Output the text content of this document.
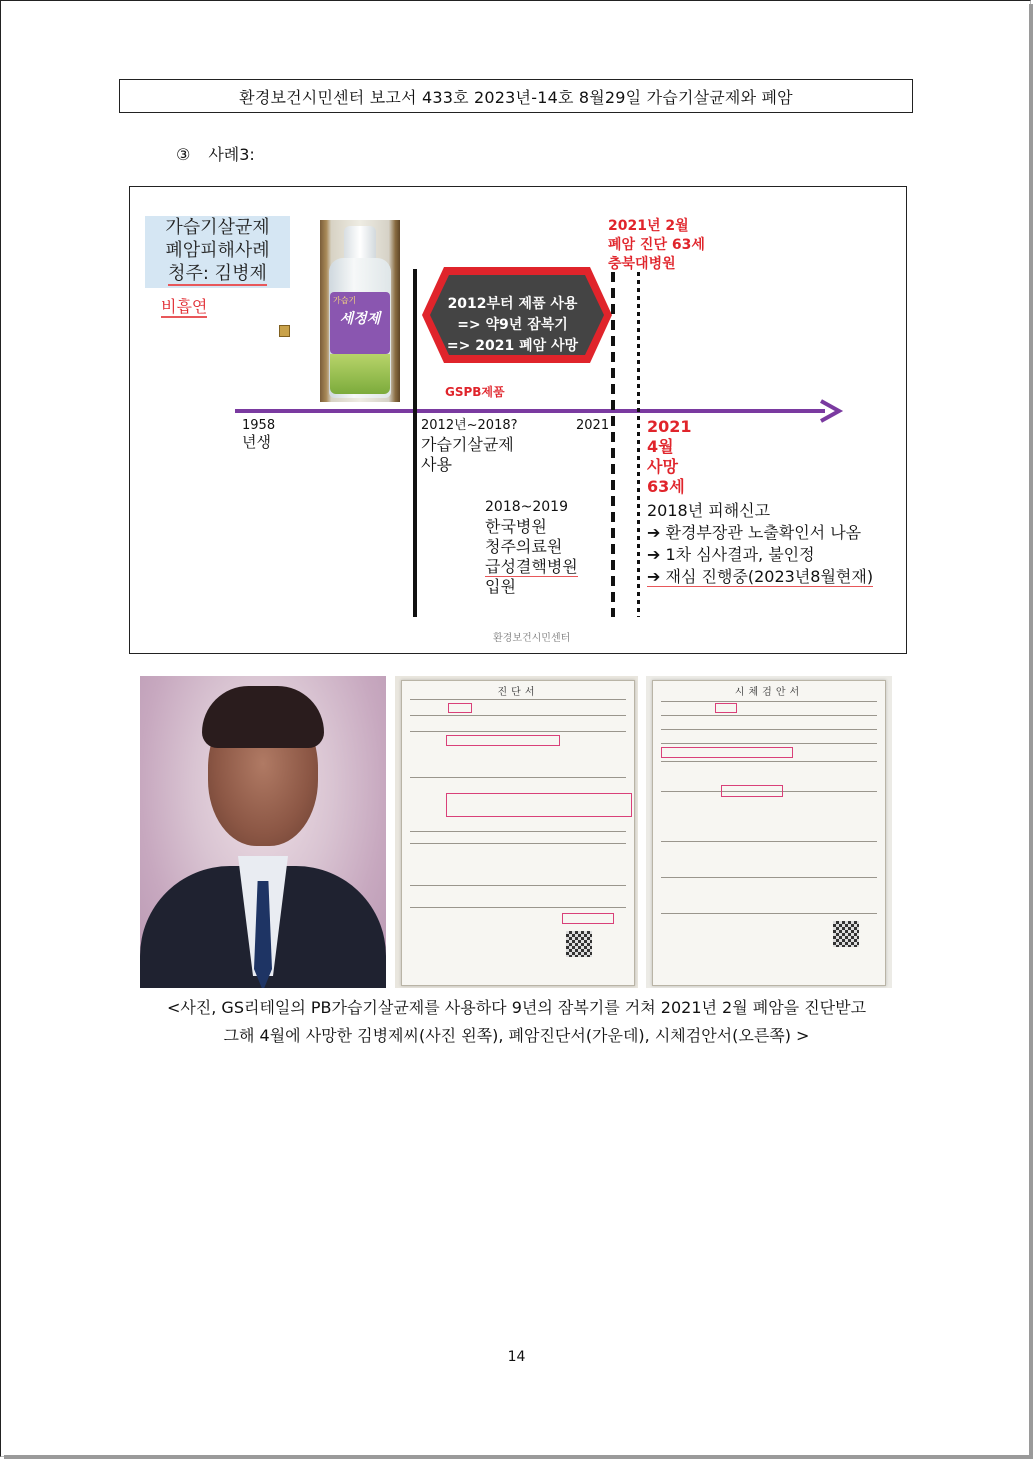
환경보건시민센터 보고서 433호 2023년-14호 8월29일 가습기살균제와 폐암
③ 사례3:
가습기살균제
폐암피해사례
청주: 김병제
비흡연	가습기
세정제
2012부터 제품 사용
=> 약9년 잠복기
=> 2021 폐암 사망
GSPB제품
2021년 2월
폐암 진단 63세
충북대병원
1958
년생
2012년~2018?
가습기살균제
사용
2021 2021
4월
사망
63세
2018~2019
한국병원
청주의료원
급성결핵병원
입원
2018년 피해신고
➔ 환경부장관 노출확인서 나옴
➔ 1차 심사결과, 불인정
➔ 재심 진행중(2023년8월현재)
환경보건시민센터
진단서	시체검안서
<사진, GS리테일의 PB가습기살균제를 사용하다 9년의 잠복기를 거쳐 2021년 2월 폐암을 진단받고
그해 4월에 사망한 김병제씨(사진 왼쪽), 폐암진단서(가운데), 시체검안서(오른쪽) >
14
